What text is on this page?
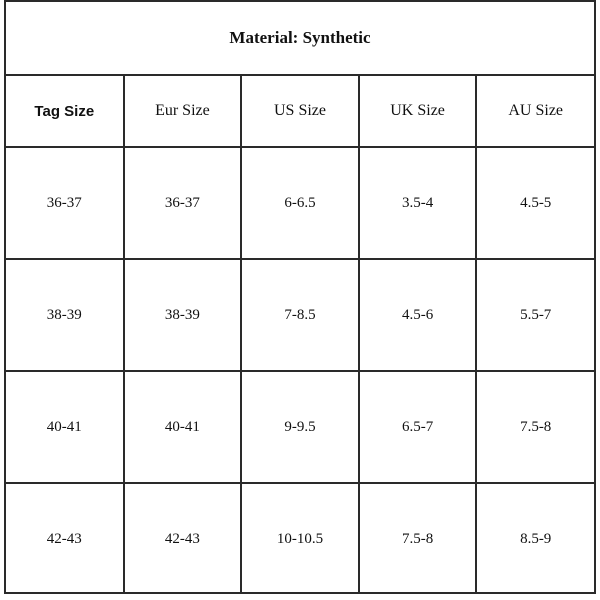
Material: Synthetic				
Tag Size	Eur Size	US Size	UK Size	AU Size
36-37	36-37	6-6.5	3.5-4	4.5-5
38-39	38-39	7-8.5	4.5-6	5.5-7
40-41	40-41	9-9.5	6.5-7	7.5-8
42-43	42-43	10-10.5	7.5-8	8.5-9
